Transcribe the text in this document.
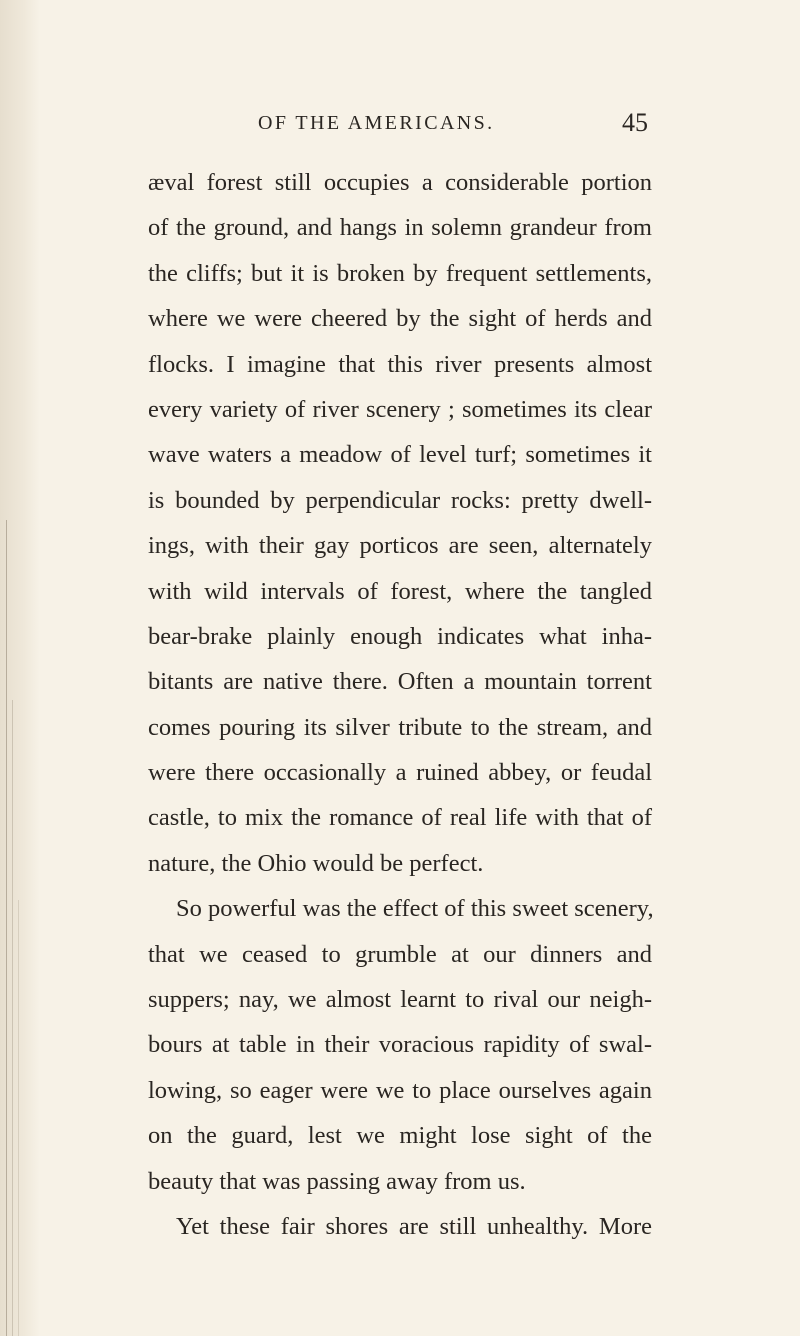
OF THE AMERICANS.	45
æval forest still occupies a considerable portion
of the ground, and hangs in solemn grandeur from
the cliffs; but it is broken by frequent settlements,
where we were cheered by the sight of herds and
flocks. I imagine that this river presents almost
every variety of river scenery ; sometimes its clear
wave waters a meadow of level turf; sometimes it
is bounded by perpendicular rocks: pretty dwell-
ings, with their gay porticos are seen, alternately
with wild intervals of forest, where the tangled
bear-brake plainly enough indicates what inha-
bitants are native there. Often a mountain torrent
comes pouring its silver tribute to the stream, and
were there occasionally a ruined abbey, or feudal
castle, to mix the romance of real life with that of
nature, the Ohio would be perfect.
So powerful was the effect of this sweet scenery,
that we ceased to grumble at our dinners and
suppers; nay, we almost learnt to rival our neigh-
bours at table in their voracious rapidity of swal-
lowing, so eager were we to place ourselves again
on the guard, lest we might lose sight of the
beauty that was passing away from us.
Yet these fair shores are still unhealthy. More
